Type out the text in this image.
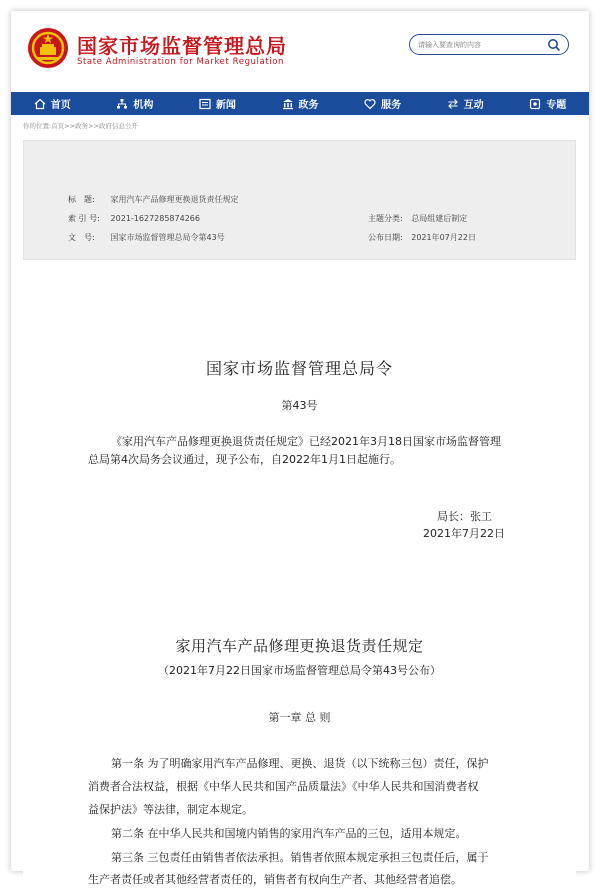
国家市场监督管理总局
State Administration for Market Regulation
请输入要查询的内容
首页	机构	新闻	政务	服务	互动	专题
你的位置:首页>>政务>>政府信息公开
标　题: 家用汽车产品修理更换退货责任规定
索 引 号: 2021-1627285874266
文　号: 国家市场监督管理总局令第43号
主题分类: 总局组建后制定
公布日期: 2021年07月22日
国家市场监督管理总局令
第43号
《家用汽车产品修理更换退货责任规定》已经2021年3月18日国家市场监督管理
总局第4次局务会议通过，现予公布，自2022年1月1日起施行。
局长：张工
2021年7月22日
家用汽车产品修理更换退货责任规定
（2021年7月22日国家市场监督管理总局令第43号公布）
第一章 总 则
第一条 为了明确家用汽车产品修理、更换、退货（以下统称三包）责任，保护
消费者合法权益，根据《中华人民共和国产品质量法》《中华人民共和国消费者权
益保护法》等法律，制定本规定。
第二条 在中华人民共和国境内销售的家用汽车产品的三包，适用本规定。
第三条 三包责任由销售者依法承担。销售者依照本规定承担三包责任后，属于
生产者责任或者其他经营者责任的，销售者有权向生产者、其他经营者追偿。
